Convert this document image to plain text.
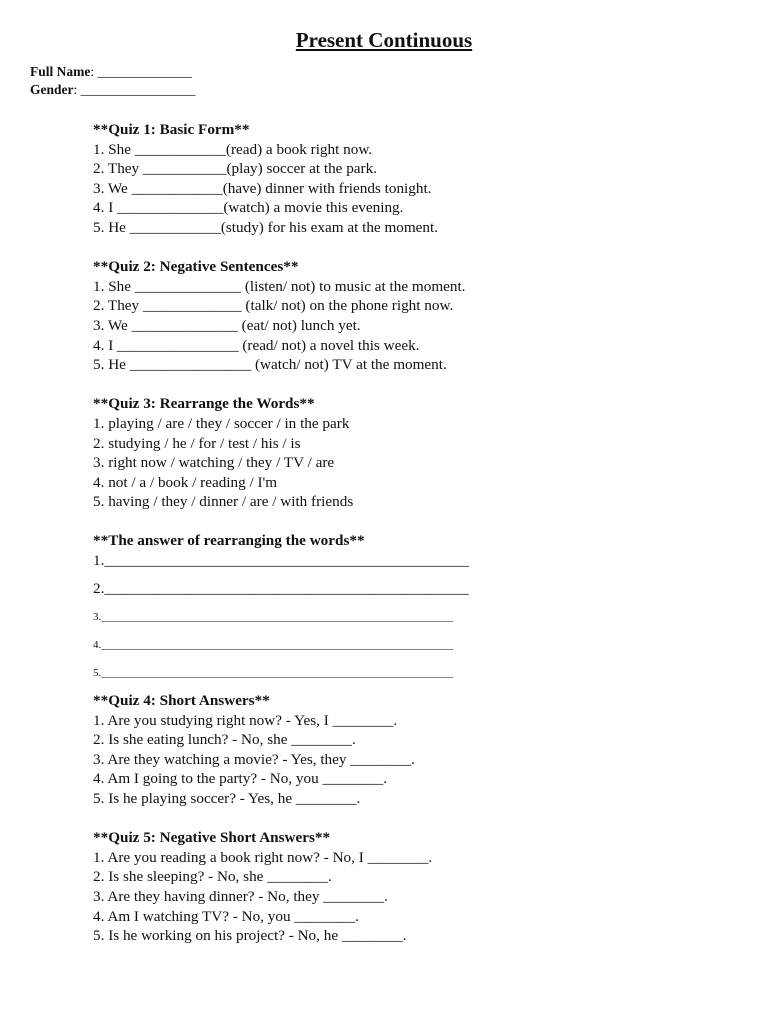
Present Continuous
Full Name: ______________
Gender: _________________
**Quiz 1: Basic Form**
1. She ____________(read) a book right now.
2. They ___________(play) soccer at the park.
3. We ____________(have) dinner with friends tonight.
4. I ______________(watch) a movie this evening.
5. He ____________(study) for his exam at the moment.
**Quiz 2: Negative Sentences**
1. She ______________ (listen/ not) to music at the moment.
2. They _____________ (talk/ not) on the phone right now.
3. We ______________ (eat/ not) lunch yet.
4. I ________________ (read/ not) a novel this week.
5. He ________________ (watch/ not) TV at the moment.
**Quiz 3: Rearrange the Words**
1. playing / are / they / soccer / in the park
2. studying / he / for / test / his / is
3. right now / watching / they / TV / are
4. not / a / book / reading / I'm
5. having / they / dinner / are / with friends
**The answer of rearranging the words**
1.________________________________________________
2.________________________________________________
3.________________________________________________________________
4.________________________________________________________________
5.________________________________________________________________
**Quiz 4: Short Answers**
1. Are you studying right now? - Yes, I ________.
2. Is she eating lunch? - No, she ________.
3. Are they watching a movie? - Yes, they ________.
4. Am I going to the party? - No, you ________.
5. Is he playing soccer? - Yes, he ________.
**Quiz 5: Negative Short Answers**
1. Are you reading a book right now? - No, I ________.
2. Is she sleeping? - No, she ________.
3. Are they having dinner? - No, they ________.
4. Am I watching TV? - No, you ________.
5. Is he working on his project? - No, he ________.
